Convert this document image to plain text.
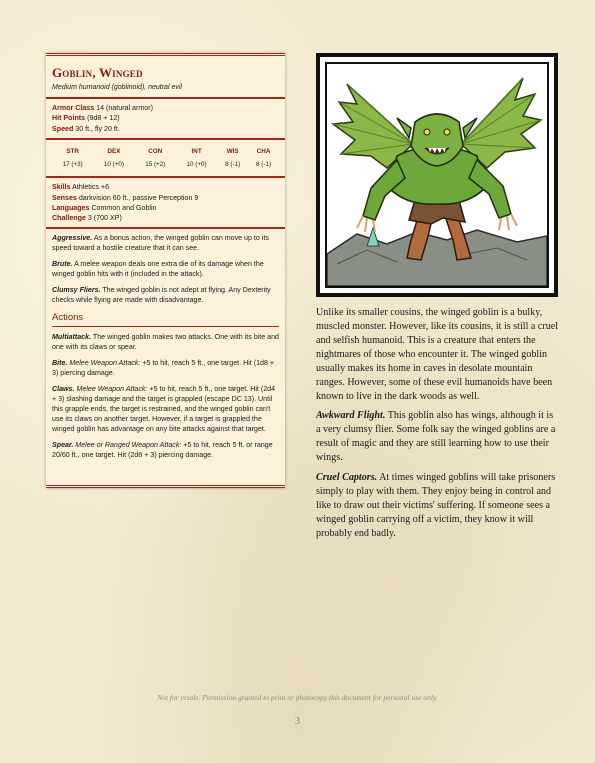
Goblin, Winged
Medium humanoid (goblinoid), neutral evil
Armor Class 14 (natural armor)
Hit Points (9d8 + 12)
Speed 30 ft., fly 20 ft.
STR	DEX	CON	INT	WIS	CHA
17 (+3)	10 (+0)	15 (+2)	10 (+0)	8 (-1)	8 (-1)
Skills Athletics +6
Senses darkvision 60 ft., passive Perception 9
Languages Common and Goblin
Challenge 3 (700 XP)
Aggressive. As a bonus action, the winged goblin can move up to its speed toward a hostile creature that it can see.
Brute. A melee weapon deals one extra die of its damage when the winged goblin hits with it (included in the attack).
Clumsy Fliers. The winged goblin is not adept at flying. Any Dexterity checks while flying are made with disadvantage.
Actions
Multiattack. The winged goblin makes two attacks. One with its bite and one with its claws or spear.
Bite. Melee Weapon Attack: +5 to hit, reach 5 ft., one target. Hit (1d8 + 3) piercing damage.
Claws. Melee Weapon Attack: +5 to hit, reach 5 ft., one target. Hit (2d4 + 3) slashing damage and the target is grappled (escape DC 13). Until this grapple ends, the target is restrained, and the winged goblin can't use its claws on another target. However, if a target is grappled the winged goblin has advantage on any bite attacks against that target.
Spear. Melee or Ranged Weapon Attack: +5 to hit, reach 5 ft. or range 20/60 ft., one target. Hit (2d6 + 3) piercing damage.

Unlike its smaller cousins, the winged goblin is a bulky, muscled monster. However, like its cousins, it is still a cruel and selfish humanoid. This is a creature that enters the nightmares of those who encounter it. The winged goblin usually makes its home in caves in desolate mountain ranges. However, some of these evil humanoids have been known to live in the dark woods as well.

Awkward Flight. This goblin also has wings, although it is a very clumsy flier. Some folk say the winged goblins are a result of magic and they are still learning how to use their wings.

Cruel Captors. At times winged goblins will take prisoners simply to play with them. They enjoy being in control and like to draw out their victims' suffering. If someone sees a winged goblin carrying off a victim, they know it will probably end badly.

Not for resale. Permission granted to print or photocopy this document for personal use only.
3
